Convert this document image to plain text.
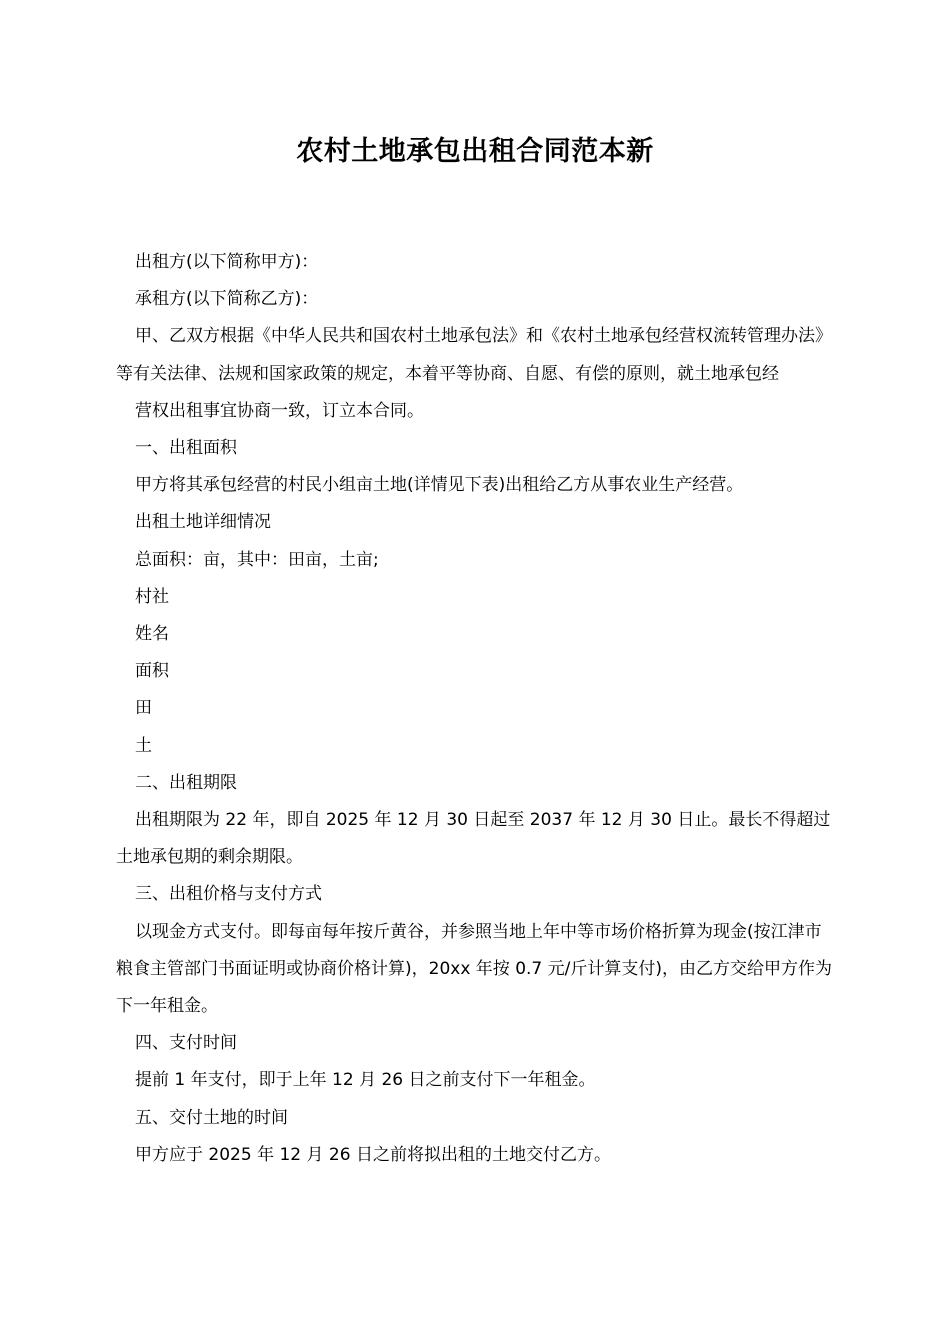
农村土地承包出租合同范本新

出租方(以下简称甲方)：

承租方(以下简称乙方)：

甲、乙双方根据《中华人民共和国农村土地承包法》和《农村土地承包经营权流转管理办法》等有关法律、法规和国家政策的规定，本着平等协商、自愿、有偿的原则，就土地承包经

营权出租事宜协商一致，订立本合同。

一、出租面积

甲方将其承包经营的村民小组亩土地(详情见下表)出租给乙方从事农业生产经营。

出租土地详细情况

总面积：亩，其中：田亩，土亩;

村社

姓名

面积

田

土

二、出租期限

出租期限为 22 年，即自 2025 年 12 月 30 日起至 2037 年 12 月 30 日止。最长不得超过土地承包期的剩余期限。

三、出租价格与支付方式

以现金方式支付。即每亩每年按斤黄谷，并参照当地上年中等市场价格折算为现金(按江津市粮食主管部门书面证明或协商价格计算)，20xx 年按 0.7 元/斤计算支付)，由乙方交给甲方作为下一年租金。

四、支付时间

提前 1 年支付，即于上年 12 月 26 日之前支付下一年租金。

五、交付土地的时间

甲方应于 2025 年 12 月 26 日之前将拟出租的土地交付乙方。
